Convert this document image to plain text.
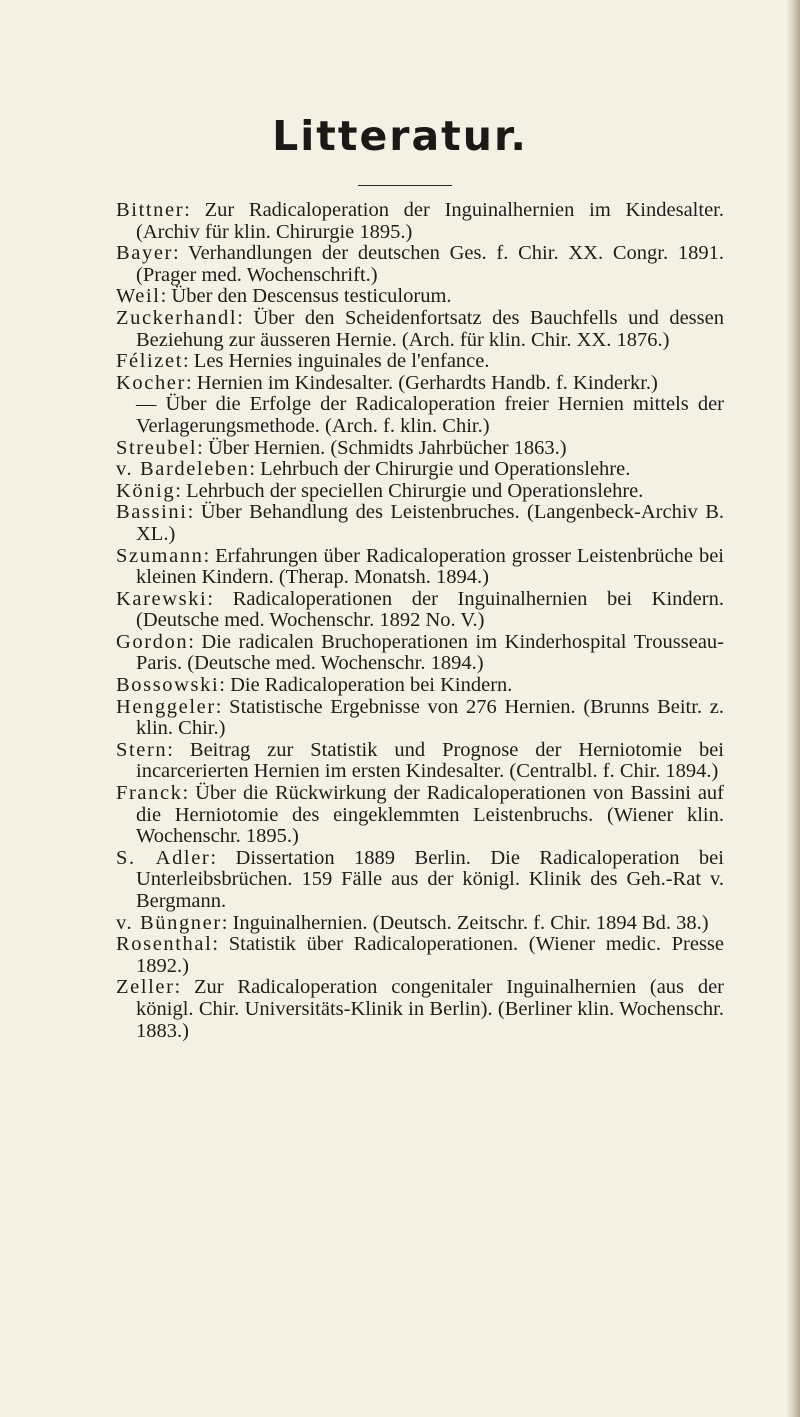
Litteratur.
Bittner: Zur Radicaloperation der Inguinalhernien im Kindesalter. (Archiv für klin. Chirurgie 1895.)
Bayer: Verhandlungen der deutschen Ges. f. Chir. XX. Congr. 1891. (Prager med. Wochenschrift.)
Weil: Über den Descensus testiculorum.
Zuckerhandl: Über den Scheidenfortsatz des Bauchfells und dessen Beziehung zur äusseren Hernie. (Arch. für klin. Chir. XX. 1876.)
Félizet: Les Hernies inguinales de l'enfance.
Kocher: Hernien im Kindesalter. (Gerhardts Handb. f. Kinderkr.)
— Über die Erfolge der Radicaloperation freier Hernien mittels der Verlagerungsmethode. (Arch. f. klin. Chir.)
Streubel: Über Hernien. (Schmidts Jahrbücher 1863.)
v. Bardeleben: Lehrbuch der Chirurgie und Operationslehre.
König: Lehrbuch der speciellen Chirurgie und Operationslehre.
Bassini: Über Behandlung des Leistenbruches. (Langenbeck-Archiv B. XL.)
Szumann: Erfahrungen über Radicaloperation grosser Leistenbrüche bei kleinen Kindern. (Therap. Monatsh. 1894.)
Karewski: Radicaloperationen der Inguinalhernien bei Kindern. (Deutsche med. Wochenschr. 1892 No. V.)
Gordon: Die radicalen Bruchoperationen im Kinderhospital Trousseau-Paris. (Deutsche med. Wochenschr. 1894.)
Bossowski: Die Radicaloperation bei Kindern.
Henggeler: Statistische Ergebnisse von 276 Hernien. (Brunns Beitr. z. klin. Chir.)
Stern: Beitrag zur Statistik und Prognose der Herniotomie bei incarcerierten Hernien im ersten Kindesalter. (Centralbl. f. Chir. 1894.)
Franck: Über die Rückwirkung der Radicaloperationen von Bassini auf die Herniotomie des eingeklemmten Leistenbruchs. (Wiener klin. Wochenschr. 1895.)
S. Adler: Dissertation 1889 Berlin. Die Radicaloperation bei Unterleibsbrüchen. 159 Fälle aus der königl. Klinik des Geh.-Rat v. Bergmann.
v. Büngner: Inguinalhernien. (Deutsch. Zeitschr. f. Chir. 1894 Bd. 38.)
Rosenthal: Statistik über Radicaloperationen. (Wiener medic. Presse 1892.)
Zeller: Zur Radicaloperation congenitaler Inguinalhernien (aus der königl. Chir. Universitäts-Klinik in Berlin). (Berliner klin. Wochenschr. 1883.)
